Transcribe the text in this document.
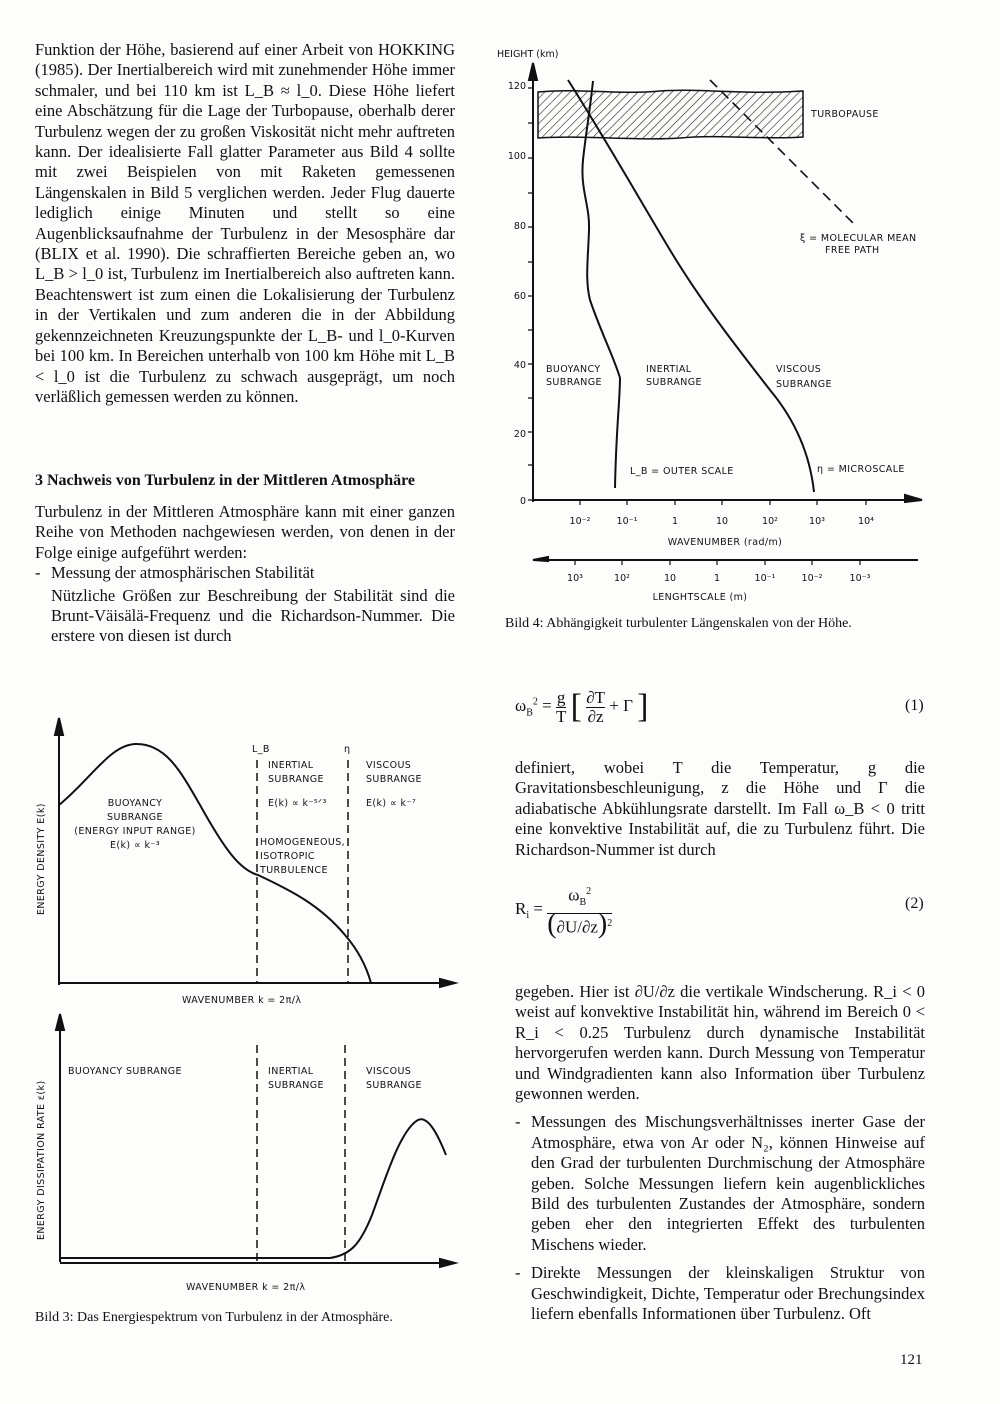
Funktion der Höhe, basierend auf einer Arbeit von HOKKING (1985). Der Inertialbereich wird mit zunehmender Höhe immer schmaler, und bei 110 km ist L_B ≈ l_0. Diese Höhe liefert eine Abschätzung für die Lage der Turbopause, oberhalb derer Turbulenz wegen der zu großen Viskosität nicht mehr auftreten kann. Der idealisierte Fall glatter Parameter aus Bild 4 sollte mit zwei Beispielen von mit Raketen gemessenen Längenskalen in Bild 5 verglichen werden. Jeder Flug dauerte lediglich einige Minuten und stellt so eine Augenblicksaufnahme der Turbulenz in der Mesosphäre dar (BLIX et al. 1990). Die schraffierten Bereiche geben an, wo L_B > l_0 ist, Turbulenz im Inertialbereich also auftreten kann. Beachtenswert ist zum einen die Lokalisierung der Turbulenz in der Vertikalen und zum anderen die in der Abbildung gekennzeichneten Kreuzungspunkte der L_B- und l_0-Kurven bei 100 km. In Bereichen unterhalb von 100 km Höhe mit L_B < l_0 ist die Turbulenz zu schwach ausgeprägt, um noch verläßlich gemessen werden zu können.

3 Nachweis von Turbulenz in der Mittleren Atmosphäre

Turbulenz in der Mittleren Atmosphäre kann mit einer ganzen Reihe von Methoden nachgewiesen werden, von denen in der Folge einige aufgeführt werden:

- Messung der atmosphärischen Stabilität

Nützliche Größen zur Beschreibung der Stabilität sind die Brunt-Väisälä-Frequenz und die Richardson-Nummer. Die erstere von diesen ist durch

ENERGY DENSITY E(k)
L_B	η
BUOYANCY
SUBRANGE
(ENERGY INPUT RANGE)
E(k) ∝ k⁻³
INERTIAL
SUBRANGE
E(k) ∝ k⁻⁵ᐟ³
VISCOUS
SUBRANGE
E(k) ∝ k⁻⁷
HOMOGENEOUS,
ISOTROPIC
TURBULENCE
WAVENUMBER k = 2π/λ
ENERGY DISSIPATION RATE ε(k)
BUOYANCY SUBRANGE	INERTIAL
SUBRANGE
VISCOUS
SUBRANGE
WAVENUMBER k = 2π/λ
HEIGHT (km)
0
20
40
60
80
100
120
TURBOPAUSE
ξ = MOLECULAR MEAN
FREE PATH
BUOYANCY
SUBRANGE
INERTIAL
SUBRANGE
VISCOUS
SUBRANGE
L_B = OUTER SCALE	η = MICROSCALE
10⁻²	10⁻¹	1	10	10²	10³	10⁴
WAVENUMBER (rad/m)
10³	10²	10	1	10⁻¹	10⁻²	10⁻³
LENGHTSCALE (m)
Bild 3: Das Energiespektrum von Turbulenz in der Atmosphäre.
Bild 4: Abhängigkeit turbulenter Längenskalen von der Höhe.
$\omega_B^2 = g$
T [ ∂T
∂z + Γ ]	(1)

definiert, wobei T die Temperatur, g die Gravitationsbeschleunigung, z die Höhe und Γ die adiabatische Abkühlungsrate darstellt. Im Fall ω_B < 0 tritt eine konvektive Instabilität auf, die zu Turbulenz führt. Die Richardson-Nummer ist durch

$R_i$ =
$\omega_B^2$
$(\partial U/\partial z)^2$
(2)

gegeben. Hier ist ∂U/∂z die vertikale Windscherung. R_i < 0 weist auf konvektive Instabilität hin, während im Bereich 0 < R_i < 0.25 Turbulenz durch dynamische Instabilität hervorgerufen werden kann. Durch Messung von Temperatur und Windgradienten kann also Information über Turbulenz gewonnen werden.

- Messungen des Mischungsverhältnisses inerter Gase der Atmosphäre, etwa von Ar oder N₂, können Hinweise auf den Grad der turbulenten Durchmischung der Atmosphäre geben. Solche Messungen liefern kein augenblickliches Bild des turbulenten Zustandes der Atmosphäre, sondern geben eher den integrierten Effekt des turbulenten Mischens wieder.
- Direkte Messungen der kleinskaligen Struktur von Geschwindigkeit, Dichte, Temperatur oder Brechungsindex liefern ebenfalls Informationen über Turbulenz. Oft
121
